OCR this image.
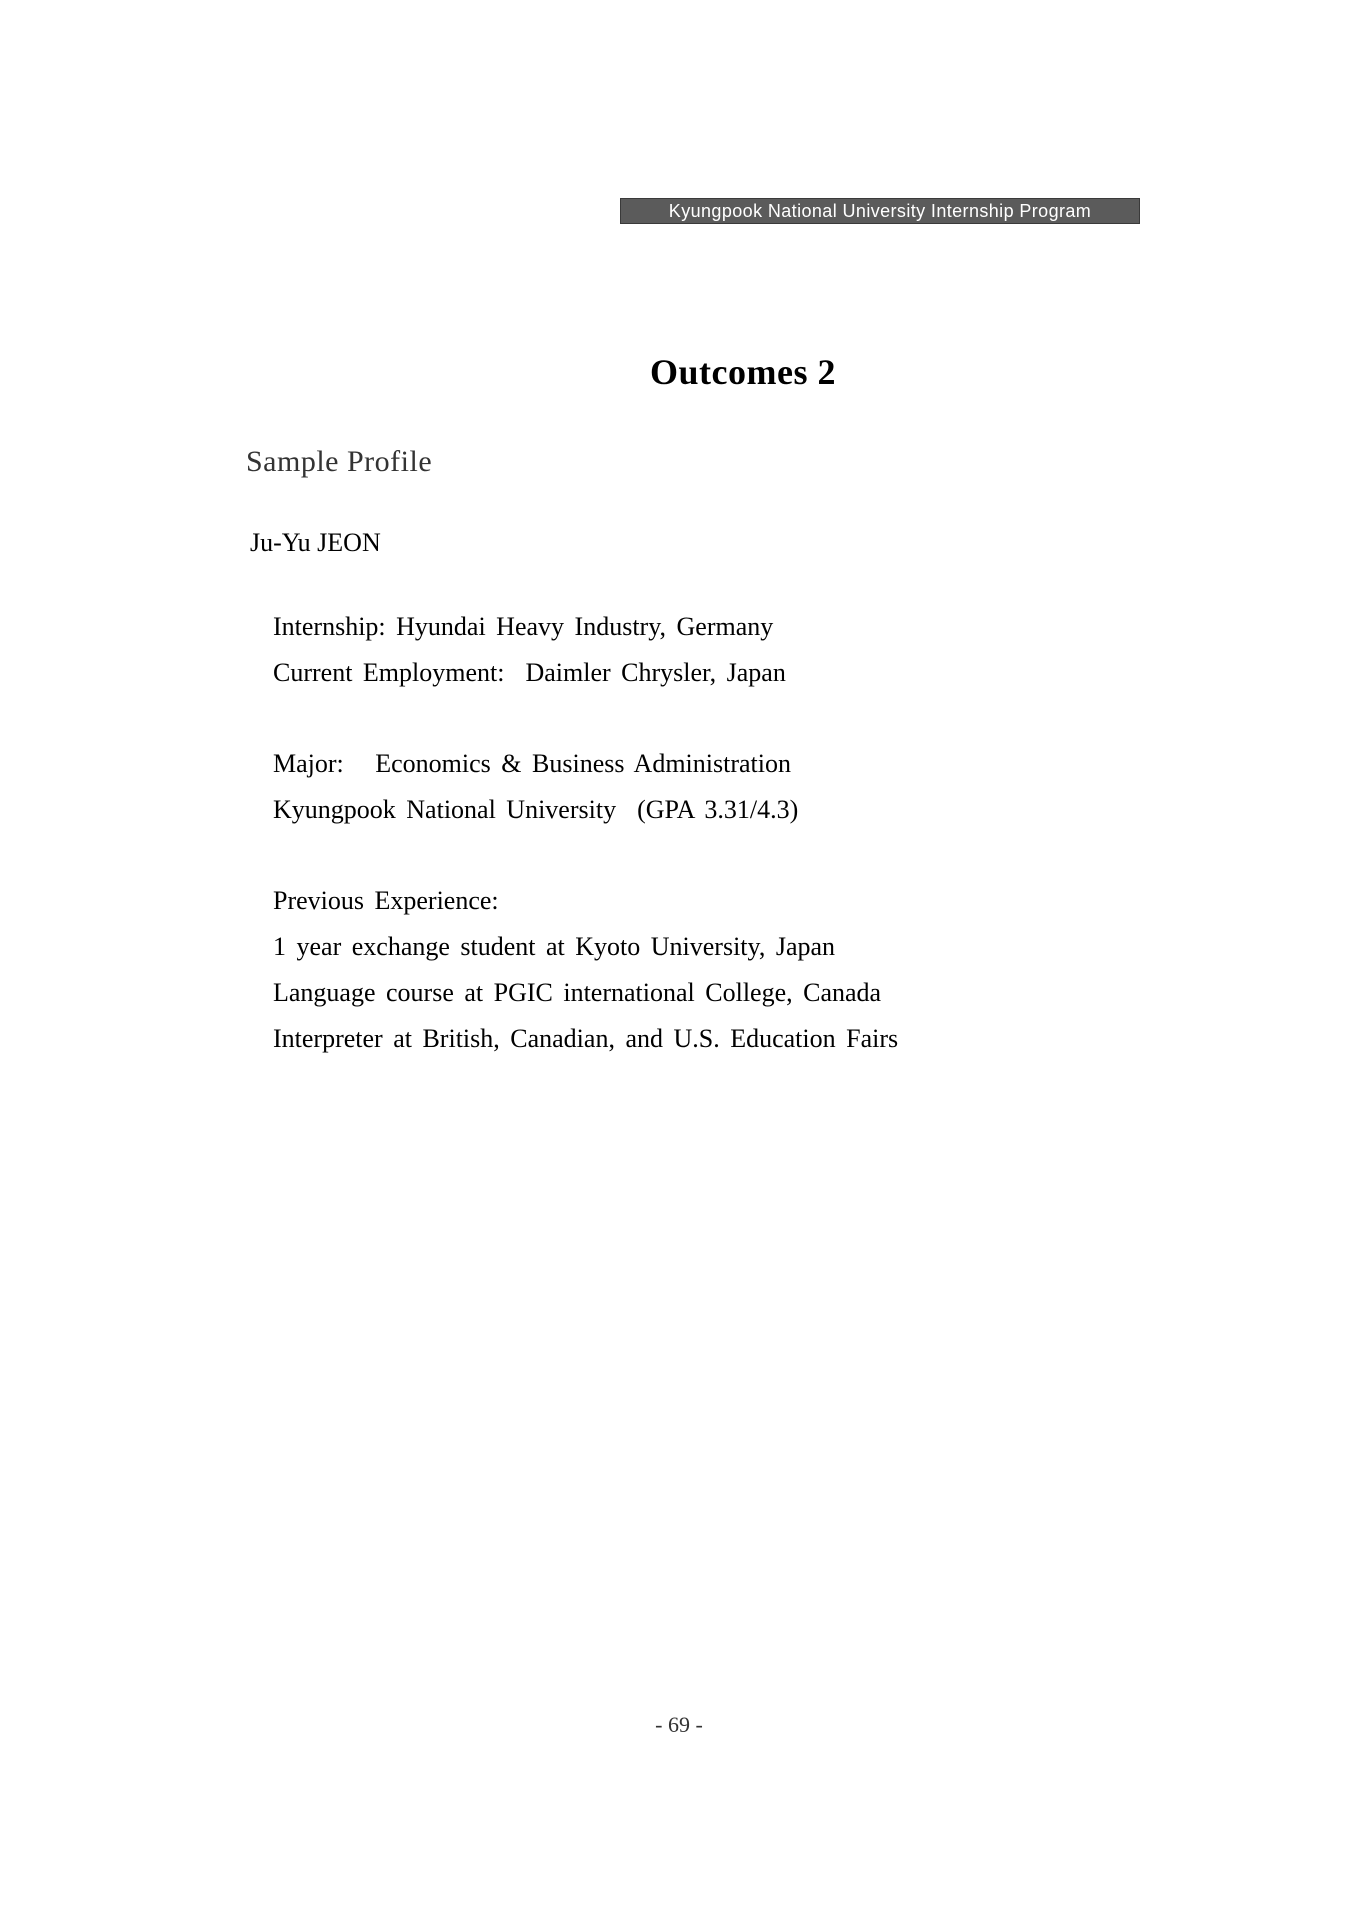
Kyungpook National University Internship Program
Outcomes 2
Sample Profile
Ju-Yu JEON
Internship: Hyundai Heavy Industry, Germany
Current Employment:  Daimler Chrysler, Japan
Major:   Economics & Business Administration
Kyungpook National University  (GPA 3.31/4.3)
Previous Experience:
1 year exchange student at Kyoto University, Japan
Language course at PGIC international College, Canada
Interpreter at British, Canadian, and U.S. Education Fairs
- 69 -
